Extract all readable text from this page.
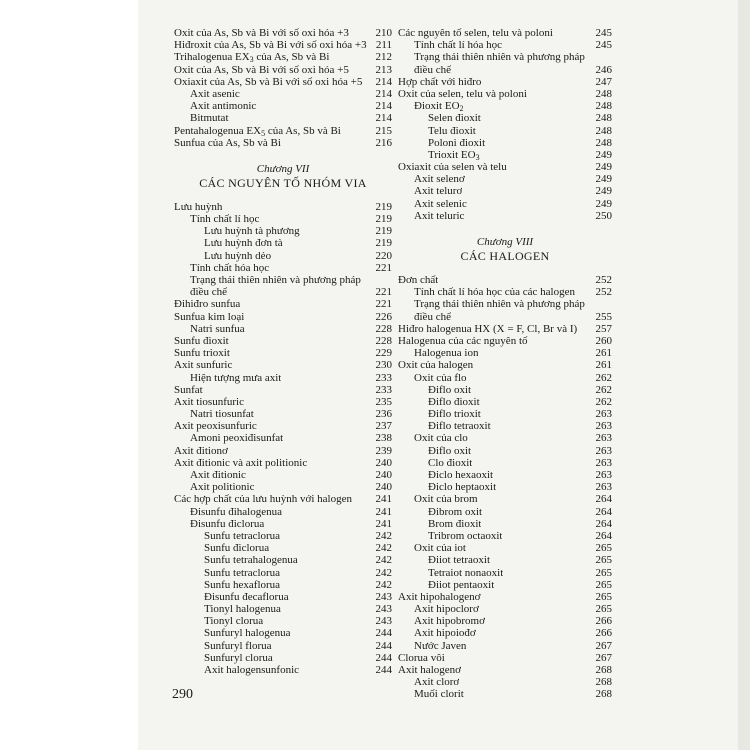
Oxit của As, Sb và Bi với số oxi hóa +3 210
Hiđroxit của As, Sb và Bi với số oxi hóa +3 211
Trihalogenua $EX_3$ của As, Sb và Bi	212
Oxit của As, Sb và Bi với số oxi hóa +5 213
Oxiaxit của As, Sb và Bi với số oxi hóa +5 214
Axit asenic	214
Axit antimonic	214
Bitmutat	214
Pentahalogenua $EX_5$ của As, Sb và Bi	215
Sunfua của As, Sb và Bi	216
Chương VII
CÁC NGUYÊN TỐ NHÓM VIA
Lưu huỳnh	219
Tính chất lí học	219
Lưu huỳnh tà phương	219
Lưu huỳnh đơn tà	219
Lưu huỳnh dẻo	220
Tính chất hóa học	221
Trạng thái thiên nhiên và phương pháp
điều chế	221
Đihiđro sunfua	221
Sunfua kim loại	226
Natri sunfua	228
Sunfu đioxit	228
Sunfu trioxit	229
Axit sunfuric	230
Hiện tượng mưa axit	233
Sunfat	233
Axit tiosunfuric	235
Natri tiosunfat	236
Axit peoxisunfuric	237
Amoni peoxiđisunfat	238
Axit đitionơ	239
Axit đitionic và axit politionic	240
Axit đitionic	240
Axit politionic	240
Các hợp chất của lưu huỳnh với halogen 241
Đisunfu đihalogenua	241
Đisunfu điclorua	241
Sunfu tetraclorua	242
Sunfu điclorua	242
Sunfu tetrahalogenua	242
Sunfu tetraclorua	242
Sunfu hexaflorua	242
Đisunfu đecaflorua	243
Tionyl halogenua	243
Tionyl clorua	243
Sunfuryl halogenua	244
Sunfuryl florua	244
Sunfuryl clorua	244
Axit halogensunfonic	244
Các nguyên tố selen, telu và poloni	245
Tính chất lí hóa học	245
Trạng thái thiên nhiên và phương pháp
điều chế	246
Hợp chất với hiđro	247
Oxit của selen, telu và poloni	248
Đioxit $EO_2$	248
Selen đioxit	248
Telu đioxit	248
Poloni đioxit	248
Trioxit $EO_3$	249
Oxiaxit của selen và telu	249
Axit selenơ	249
Axit telurơ	249
Axit selenic	249
Axit teluric	250
Chương VIII
CÁC HALOGEN
Đơn chất	252
Tính chất lí hóa học của các halogen 252
Trạng thái thiên nhiên và phương pháp
điều chế	255
Hiđro halogenua HX (X = F, Cl, Br và I) 257
Halogenua của các nguyên tố	260
Halogenua ion	261
Oxit của halogen	261
Oxit của flo	262
Điflo oxit	262
Điflo đioxit	262
Điflo trioxit	263
Điflo tetraoxit	263
Oxit của clo	263
Điflo oxit	263
Clo đioxit	263
Điclo hexaoxit	263
Điclo heptaoxit	263
Oxit của brom	264
Đibrom oxit	264
Brom đioxit	264
Tribrom octaoxit	264
Oxit của iot	265
Điiot tetraoxit	265
Tetraiot nonaoxit	265
Điiot pentaoxit	265
Axit hipohalogenơ	265
Axit hipoclorơ	265
Axit hipobromơ	266
Axit hipoiođơ	266
Nước Javen	267
Clorua vôi	267
Axit halogenơ	268
Axit clorơ	268
Muối clorit	268
290
